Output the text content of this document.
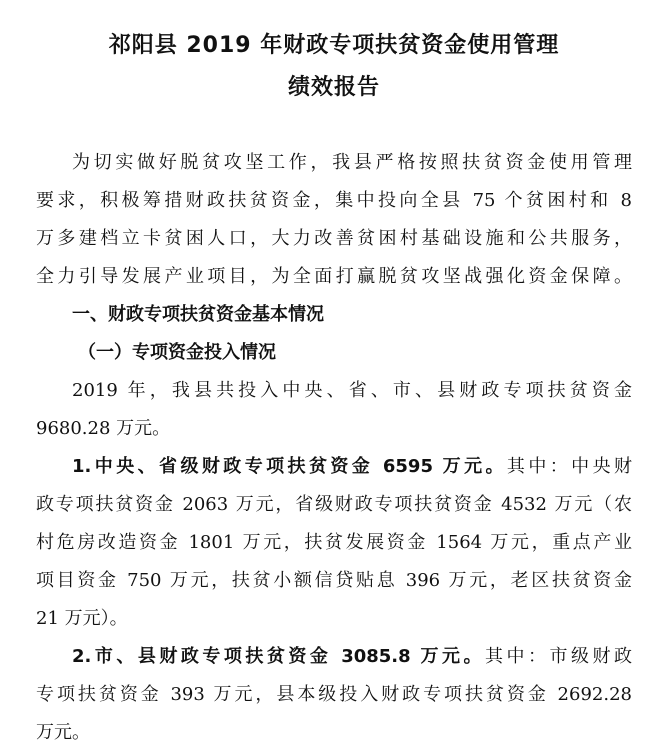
祁阳县 2019 年财政专项扶贫资金使用管理
绩效报告
为切实做好脱贫攻坚工作，我县严格按照扶贫资金使用管理
要求，积极筹措财政扶贫资金，集中投向全县 75 个贫困村和 8
万多建档立卡贫困人口，大力改善贫困村基础设施和公共服务，
全力引导发展产业项目，为全面打赢脱贫攻坚战强化资金保障。
一、财政专项扶贫资金基本情况
（一）专项资金投入情况
2019 年，我县共投入中央、省、市、县财政专项扶贫资金
9680.28 万元。
1.中央、省级财政专项扶贫资金 6595 万元。其中：中央财
政专项扶贫资金 2063 万元，省级财政专项扶贫资金 4532 万元（农
村危房改造资金 1801 万元，扶贫发展资金 1564 万元，重点产业
项目资金 750 万元，扶贫小额信贷贴息 396 万元，老区扶贫资金
21 万元）。
2.市、县财政专项扶贫资金 3085.8 万元。其中：市级财政
专项扶贫资金 393 万元，县本级投入财政专项扶贫资金 2692.28
万元。
